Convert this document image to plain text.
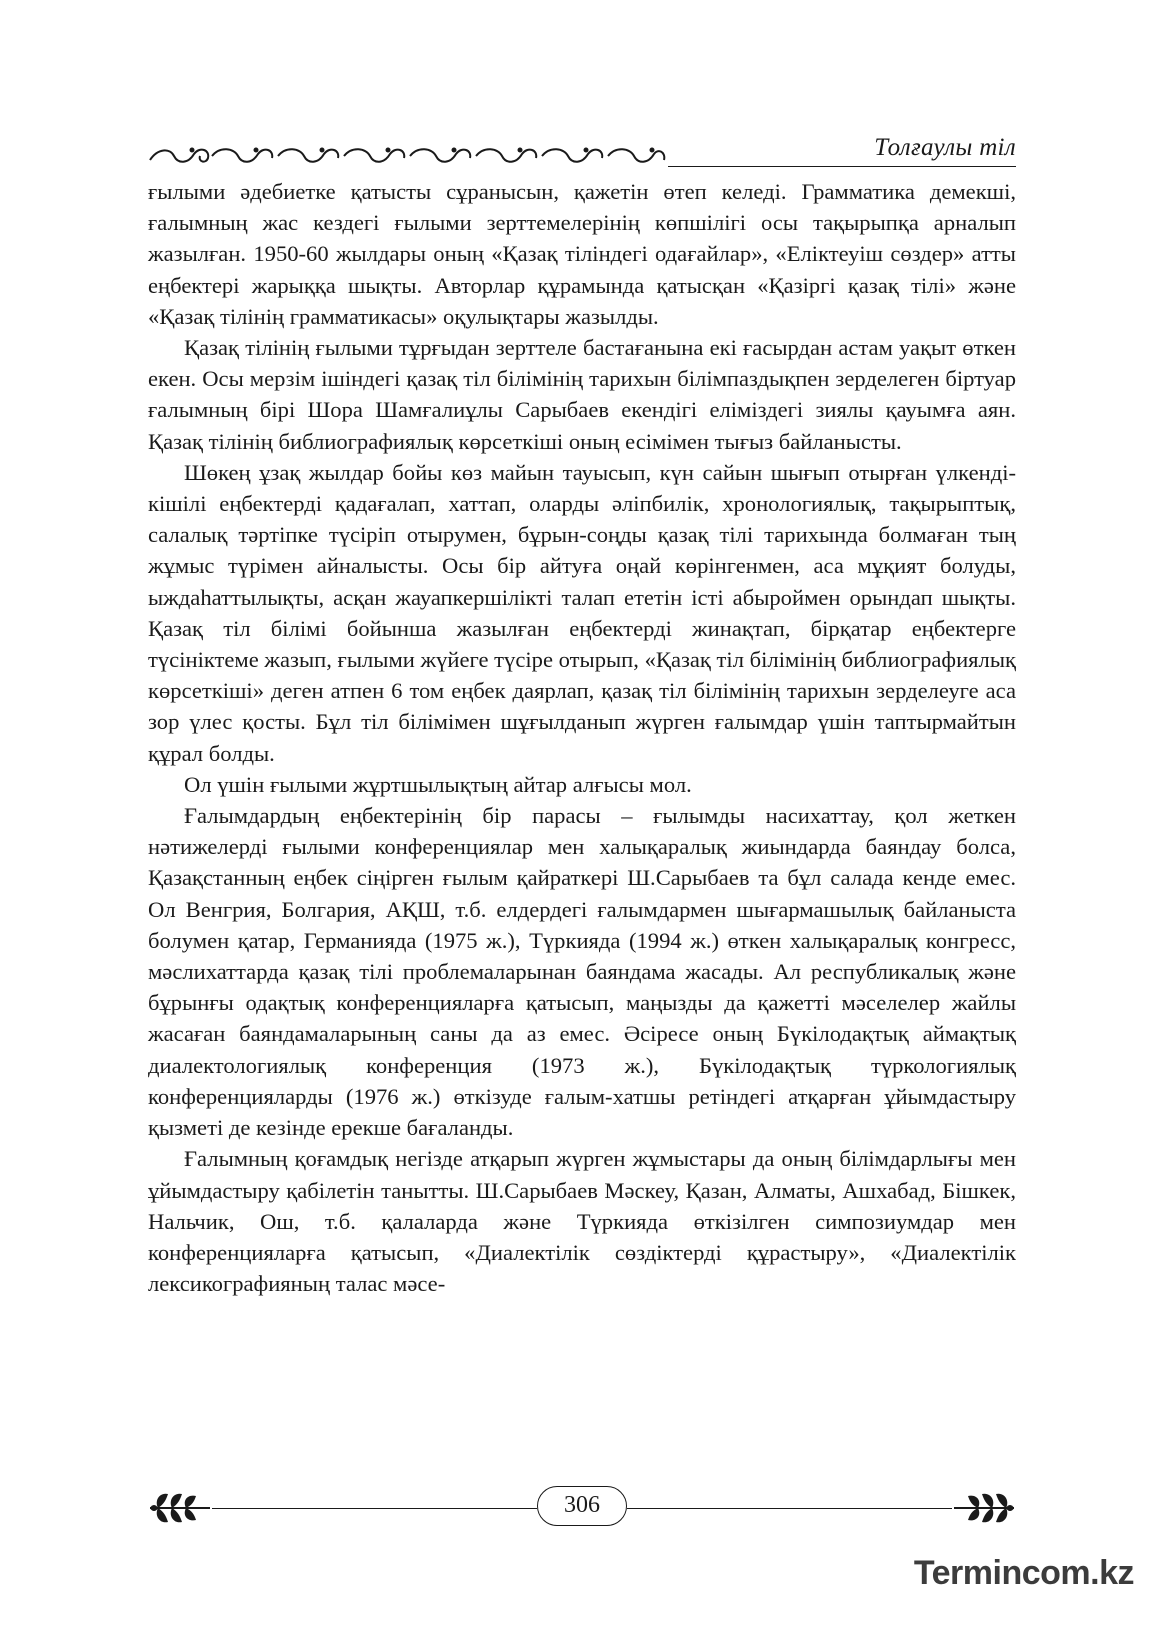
Толғаулы тіл

ғылыми әдебиетке қатысты сұранысын, қажетін өтеп келеді. Грамматика демекші, ғалымның жас кездегі ғылыми зерттемелерінің көпшілігі осы тақырыпқа арналып жазылған. 1950-60 жылдары оның «Қазақ тіліндегі одағайлар», «Еліктеуіш сөздер» атты еңбектері жарыққа шықты. Авторлар құрамында қатысқан «Қазіргі қазақ тілі» және «Қазақ тілінің грамматикасы» оқулықтары жазылды.

Қазақ тілінің ғылыми тұрғыдан зерттеле бастағанына екі ғасырдан астам уақыт өткен екен. Осы мерзім ішіндегі қазақ тіл білімінің тарихын білімпаздықпен зерделеген біртуар ғалымның бірі Шора Шамғалиұлы Сарыбаев екендігі еліміздегі зиялы қауымға аян. Қазақ тілінің библиографиялық көрсеткіші оның есімімен тығыз байланысты.

Шөкең ұзақ жылдар бойы көз майын тауысып, күн сайын шығып отырған үлкенді-кішілі еңбектерді қадағалап, хаттап, оларды әліпбилік, хронологиялық, тақырыптық, салалық тәртіпке түсіріп отырумен, бұрын-соңды қазақ тілі тарихында болмаған тың жұмыс түрімен айналысты. Осы бір айтуға оңай көрінгенмен, аса мұқият болуды, ыждаһаттылықты, асқан жауапкершілікті талап ететін істі абыроймен орындап шықты. Қазақ тіл білімі бойынша жазылған еңбектерді жинақтап, бірқатар еңбектерге түсініктеме жазып, ғылыми жүйеге түсіре отырып, «Қазақ тіл білімінің библиографиялық көрсеткіші» деген атпен 6 том еңбек даярлап, қазақ тіл білімінің тарихын зерделеуге аса зор үлес қосты. Бұл тіл білімімен шұғылданып жүрген ғалымдар үшін таптырмайтын құрал болды.

Ол үшін ғылыми жұртшылықтың айтар алғысы мол.

Ғалымдардың еңбектерінің бір парасы – ғылымды насихаттау, қол жеткен нәтижелерді ғылыми конференциялар мен халықаралық жиындарда баяндау болса, Қазақстанның еңбек сіңірген ғылым қайраткері Ш.Сарыбаев та бұл салада кенде емес. Ол Венгрия, Болгария, АҚШ, т.б. елдердегі ғалымдармен шығармашылық байланыста болумен қатар, Германияда (1975 ж.), Түркияда (1994 ж.) өткен халықаралық конгресс, мәслихаттарда қазақ тілі проблемаларынан баяндама жасады. Ал республикалық және бұрынғы одақтық конференцияларға қатысып, маңызды да қажетті мәселелер жайлы жасаған баяндамаларының саны да аз емес. Әсіресе оның Бүкілодақтық аймақтық диалектологиялық конференция (1973 ж.), Бүкілодақтық түркологиялық конференцияларды (1976 ж.) өткізуде ғалым-хатшы ретіндегі атқарған ұйымдастыру қызметі де кезінде ерекше бағаланды.

Ғалымның қоғамдық негізде атқарып жүрген жұмыстары да оның білімдарлығы мен ұйымдастыру қабілетін танытты. Ш.Сарыбаев Мәскеу, Қазан, Алматы, Ашхабад, Бішкек, Нальчик, Ош, т.б. қалаларда және Түркияда өткізілген симпозиумдар мен конференцияларға қатысып, «Диалектілік сөздіктерді құрастыру», «Диалектілік лексикографияның талас мәсе-

306
Termincom.kz
